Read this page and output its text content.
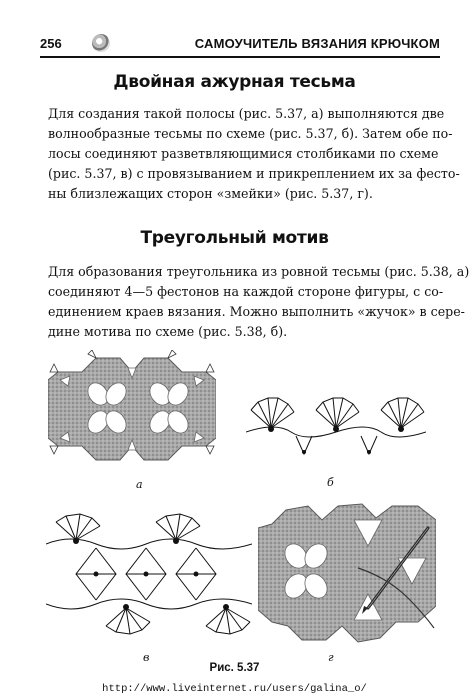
256	САМОУЧИТЕЛЬ ВЯЗАНИЯ КРЮЧКОМ
Двойная ажурная тесьма
Для создания такой полосы (рис. 5.37, а) выполняются две
волнообразные тесьмы по схеме (рис. 5.37, б). Затем обе по-
лосы соединяют разветвляющимися столбиками по схеме
(рис. 5.37, в) с провязыванием и прикреплением их за фесто-
ны близлежащих сторон «змейки» (рис. 5.37, г).
Треугольный мотив
Для образования треугольника из ровной тесьмы (рис. 5.38, а)
соединяют 4—5 фестонов на каждой стороне фигуры, с со-
единением краев вязания. Можно выполнить «жучок» в сере-
дине мотива по схеме (рис. 5.38, б).
а	б
в	г
Рис. 5.37
http://www.liveinternet.ru/users/galina_o/
